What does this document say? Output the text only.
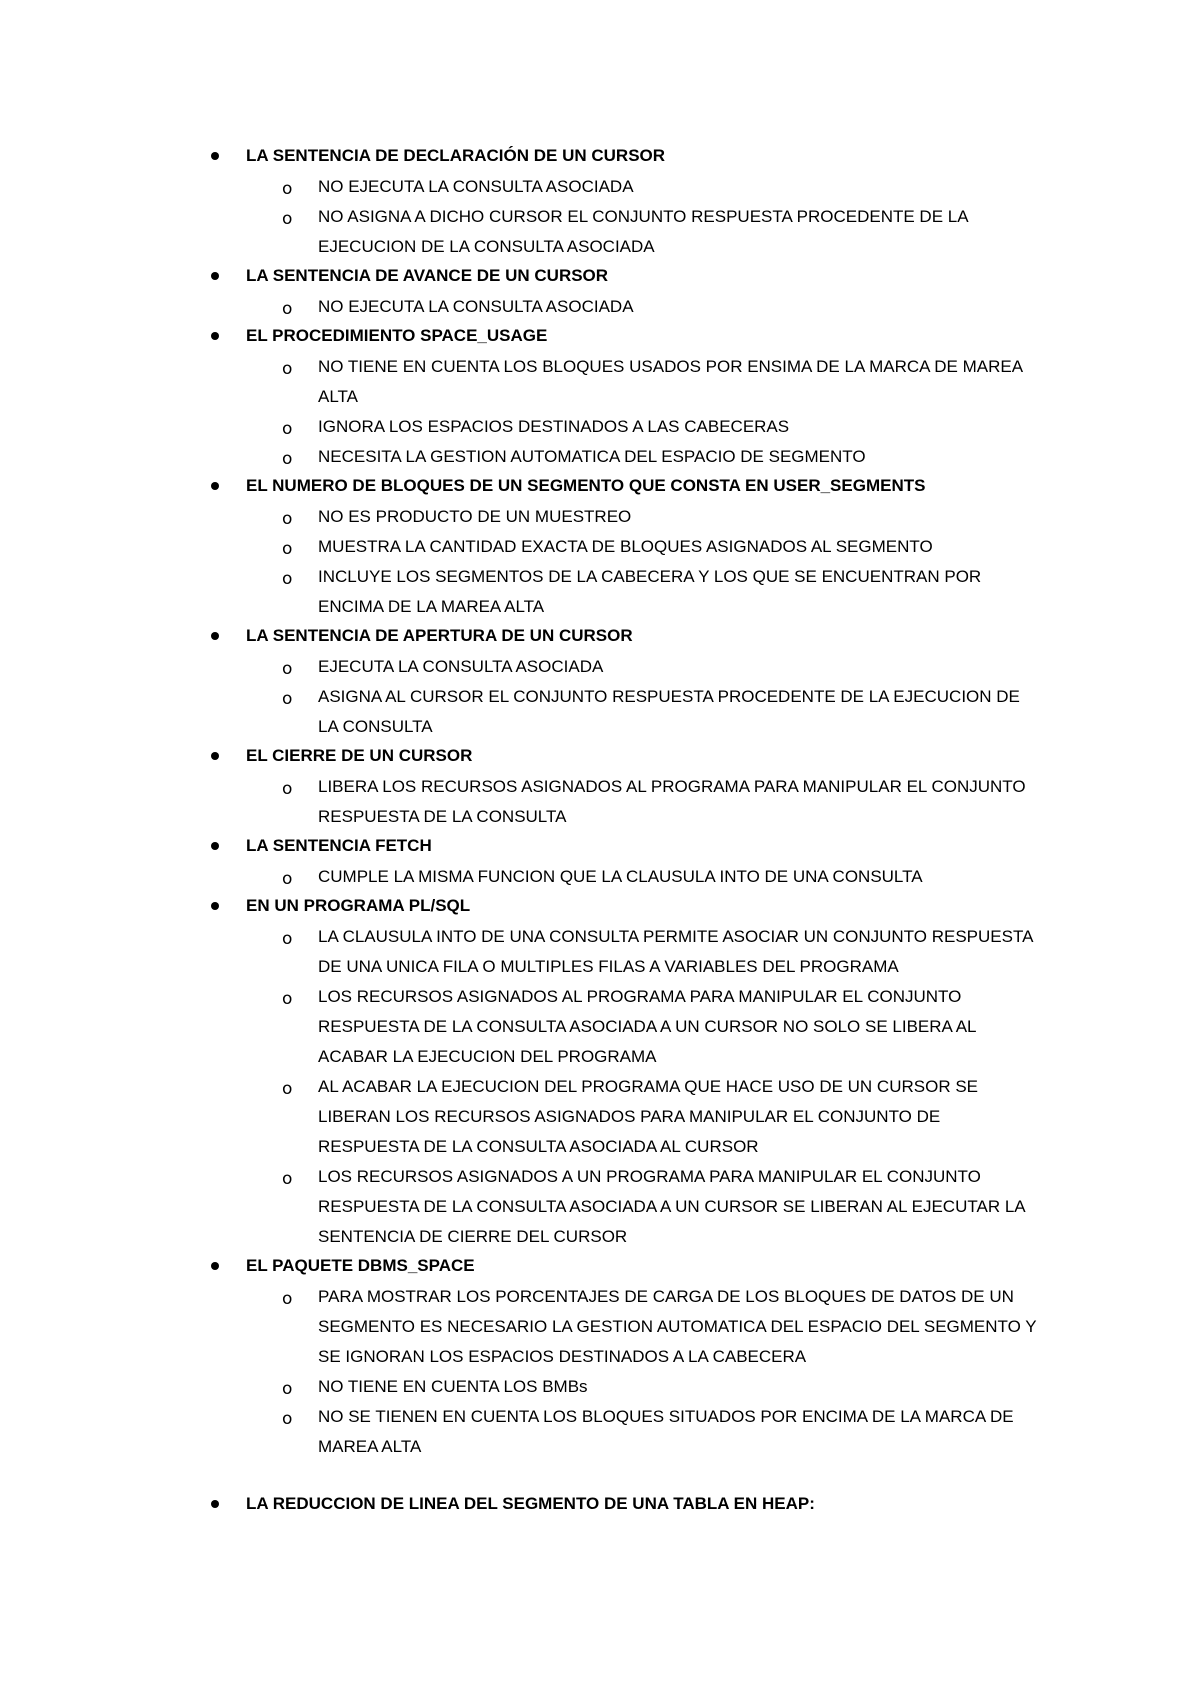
LA SENTENCIA DE DECLARACIÓN DE UN CURSOR
o NO EJECUTA LA CONSULTA ASOCIADA
o NO ASIGNA A DICHO CURSOR EL CONJUNTO RESPUESTA PROCEDENTE DE LA EJECUCION DE LA CONSULTA ASOCIADA
LA SENTENCIA DE AVANCE DE UN CURSOR
o NO EJECUTA LA CONSULTA ASOCIADA
EL PROCEDIMIENTO SPACE_USAGE
o NO TIENE EN CUENTA LOS BLOQUES USADOS POR ENSIMA DE LA MARCA DE MAREA ALTA
o IGNORA LOS ESPACIOS DESTINADOS A LAS CABECERAS
o NECESITA LA GESTION AUTOMATICA DEL ESPACIO DE SEGMENTO
EL NUMERO DE BLOQUES DE UN SEGMENTO QUE CONSTA EN USER_SEGMENTS
o NO ES PRODUCTO DE UN MUESTREO
o MUESTRA LA CANTIDAD EXACTA DE BLOQUES ASIGNADOS AL SEGMENTO
o INCLUYE LOS SEGMENTOS DE LA CABECERA Y LOS QUE SE ENCUENTRAN POR ENCIMA DE LA MAREA ALTA
LA SENTENCIA DE APERTURA DE UN CURSOR
o EJECUTA LA CONSULTA ASOCIADA
o ASIGNA AL CURSOR EL CONJUNTO RESPUESTA PROCEDENTE DE LA EJECUCION DE LA CONSULTA
EL CIERRE DE UN CURSOR
o LIBERA LOS RECURSOS ASIGNADOS AL PROGRAMA PARA MANIPULAR EL CONJUNTO RESPUESTA DE LA CONSULTA
LA SENTENCIA FETCH
o CUMPLE LA MISMA FUNCION QUE LA CLAUSULA INTO DE UNA CONSULTA
EN UN PROGRAMA PL/SQL
o LA CLAUSULA INTO DE UNA CONSULTA PERMITE ASOCIAR UN CONJUNTO RESPUESTA DE UNA UNICA FILA O MULTIPLES FILAS A VARIABLES DEL PROGRAMA
o LOS RECURSOS ASIGNADOS AL PROGRAMA PARA MANIPULAR EL CONJUNTO RESPUESTA DE LA CONSULTA ASOCIADA A UN CURSOR NO SOLO SE LIBERA AL ACABAR LA EJECUCION DEL PROGRAMA
o AL ACABAR LA EJECUCION DEL PROGRAMA QUE HACE USO DE UN CURSOR SE LIBERAN LOS RECURSOS ASIGNADOS PARA MANIPULAR EL CONJUNTO DE RESPUESTA DE LA CONSULTA ASOCIADA AL CURSOR
o LOS RECURSOS ASIGNADOS A UN PROGRAMA PARA MANIPULAR EL CONJUNTO RESPUESTA DE LA CONSULTA ASOCIADA A UN CURSOR SE LIBERAN AL EJECUTAR LA SENTENCIA DE CIERRE DEL CURSOR
EL PAQUETE DBMS_SPACE
o PARA MOSTRAR LOS PORCENTAJES DE CARGA DE LOS BLOQUES DE DATOS DE UN SEGMENTO ES NECESARIO LA GESTION AUTOMATICA DEL ESPACIO DEL SEGMENTO Y SE IGNORAN LOS ESPACIOS DESTINADOS A LA CABECERA
o NO TIENE EN CUENTA LOS BMBs
o NO SE TIENEN EN CUENTA LOS BLOQUES SITUADOS POR ENCIMA DE LA MARCA DE MAREA ALTA
LA REDUCCION DE LINEA DEL SEGMENTO DE UNA TABLA EN HEAP:
